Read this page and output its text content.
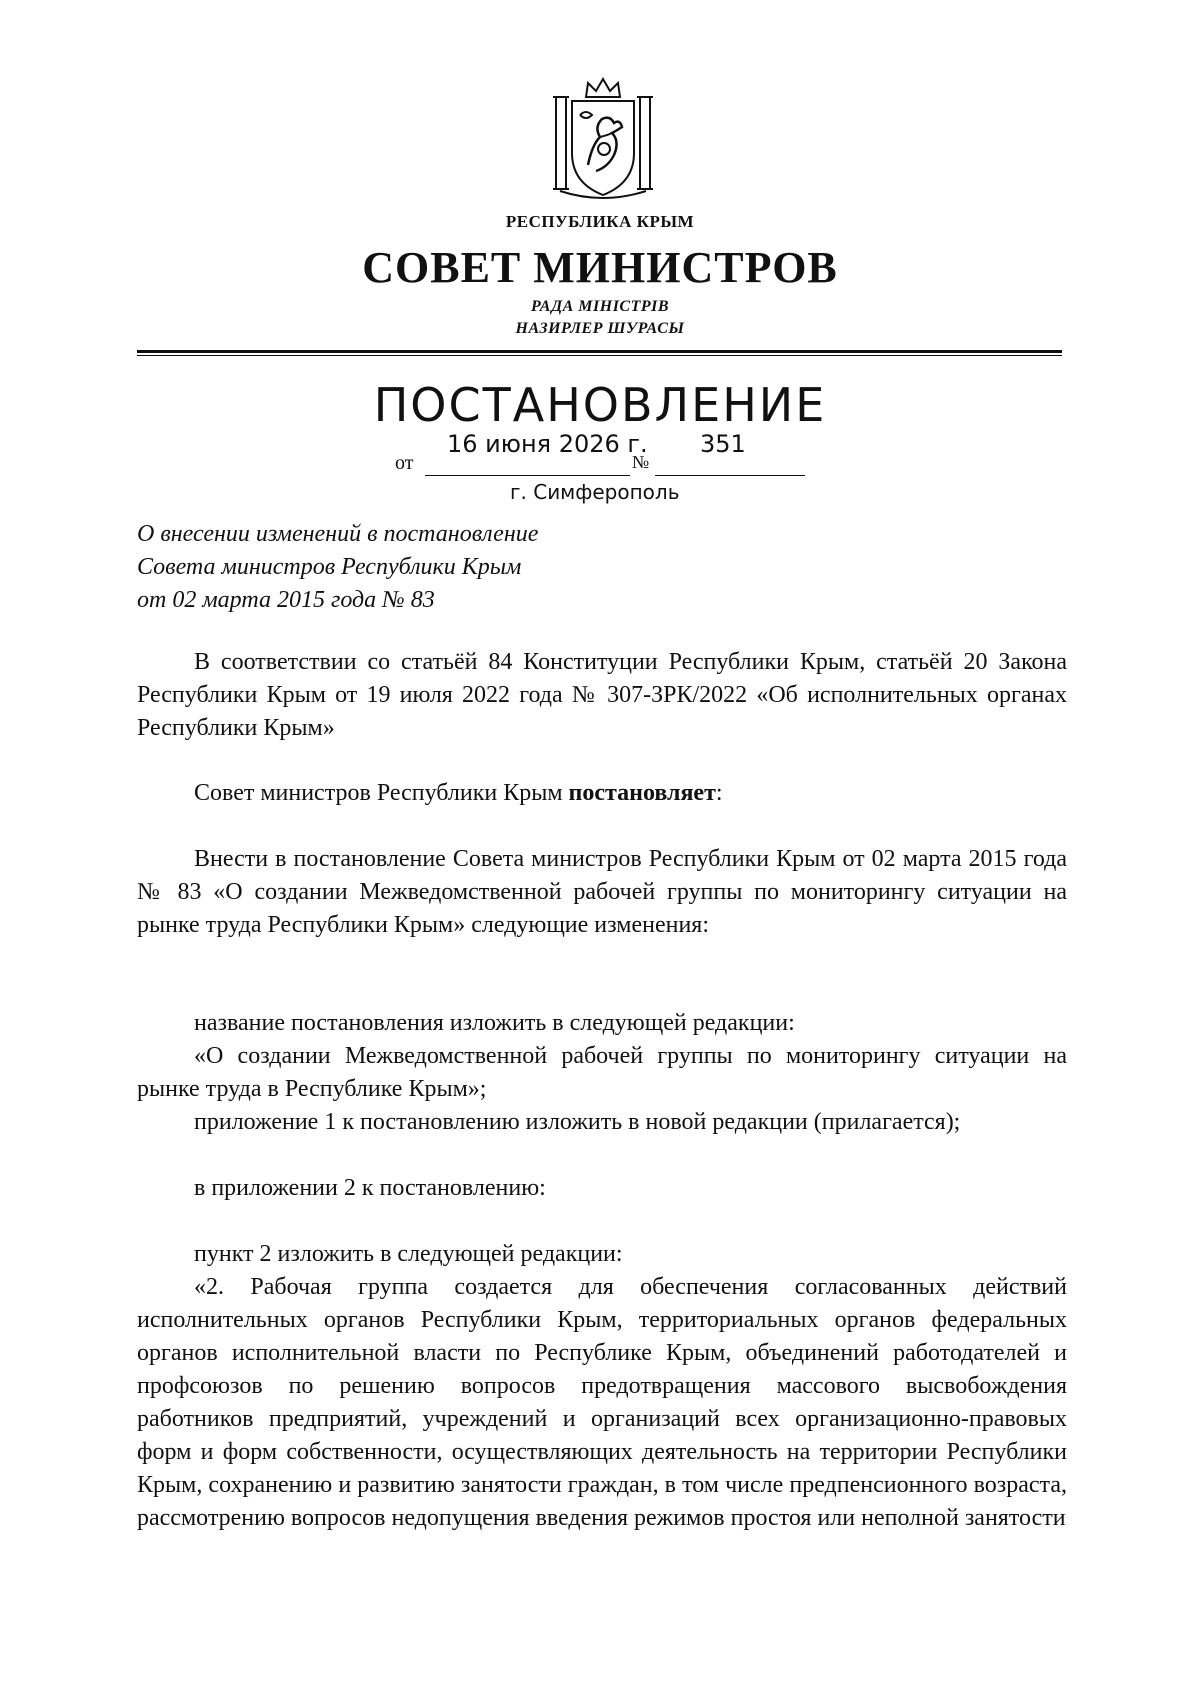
РЕСПУБЛИКА КРЫМ
СОВЕТ МИНИСТРОВ
РАДА МІНІСТРІВ
НАЗИРЛЕР ШУРАСЫ
ПОСТАНОВЛЕНИЕ
от
16 июня 2026 г.
№
351
г. Симферополь
О внесении изменений в постановление
Совета министров Республики Крым
от 02 марта 2015 года № 83

В соответствии со статьёй 84 Конституции Республики Крым, статьёй 20 Закона Республики Крым от 19 июля 2022 года № 307-ЗРК/2022 «Об исполнительных органах Республики Крым»

Совет министров Республики Крым постановляет:

Внести в постановление Совета министров Республики Крым от 02 марта 2015 года № 83 «О создании Межведомственной рабочей группы по мониторингу ситуации на рынке труда Республики Крым» следующие изменения:

название постановления изложить в следующей редакции:

«О создании Межведомственной рабочей группы по мониторингу ситуации на рынке труда в Республике Крым»;

приложение 1 к постановлению изложить в новой редакции (прилагается);

в приложении 2 к постановлению:

пункт 2 изложить в следующей редакции:

«2. Рабочая группа создается для обеспечения согласованных действий исполнительных органов Республики Крым, территориальных органов федеральных органов исполнительной власти по Республике Крым, объединений работодателей и профсоюзов по решению вопросов предотвращения массового высвобождения работников предприятий, учреждений и организаций всех организационно-правовых форм и форм собственности, осуществляющих деятельность на территории Республики Крым, сохранению и развитию занятости граждан, в том числе предпенсионного возраста, рассмотрению вопросов недопущения введения режимов простоя или неполной занятости
